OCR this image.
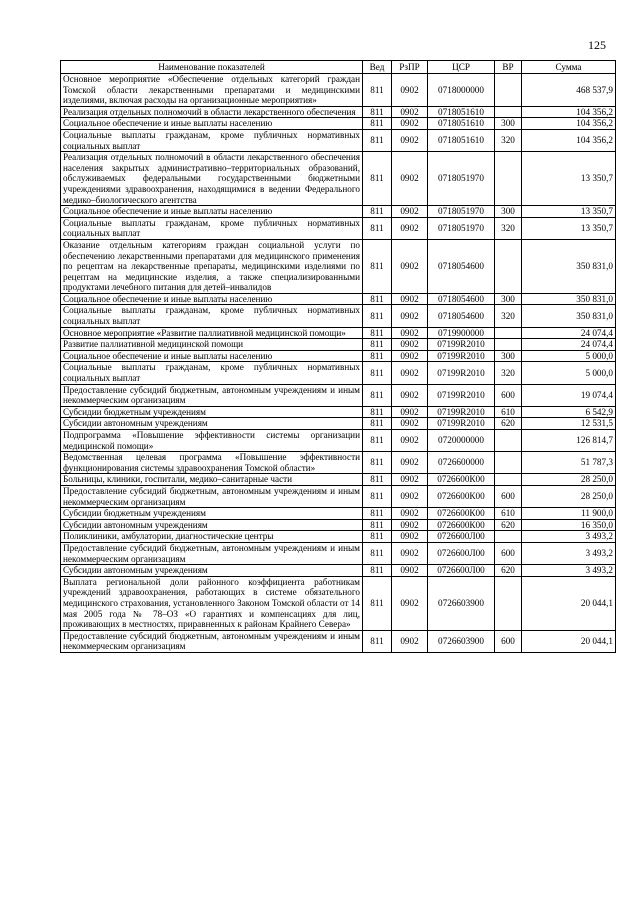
125
Наименование показателей	Вед	РзПР	ЦСР	ВР	Сумма
Основное мероприятие «Обеспечение отдельных категорий граждан Томской области лекарственными препаратами и медицинскими изделиями, включая расходы на организационные мероприятия»	811	0902	0718000000		468 537,9
Реализация отдельных полномочий в области лекарственного обеспечения	811	0902	0718051610		104 356,2
Социальное обеспечение и иные выплаты населению	811	0902	0718051610	300	104 356,2
Социальные выплаты гражданам, кроме публичных нормативных социальных выплат	811	0902	0718051610	320	104 356,2
Реализация отдельных полномочий в области лекарственного обеспечения населения закрытых административно–территориальных образований, обслуживаемых федеральными государственными бюджетными учреждениями здравоохранения, находящимися в ведении Федерального медико–биологического агентства	811	0902	0718051970		13 350,7
Социальное обеспечение и иные выплаты населению	811	0902	0718051970	300	13 350,7
Социальные выплаты гражданам, кроме публичных нормативных социальных выплат	811	0902	0718051970	320	13 350,7
Оказание отдельным категориям граждан социальной услуги по обеспечению лекарственными препаратами для медицинского применения по рецептам на лекарственные препараты, медицинскими изделиями по рецептам на медицинские изделия, а также специализированными продуктами лечебного питания для детей–инвалидов	811	0902	0718054600		350 831,0
Социальное обеспечение и иные выплаты населению	811	0902	0718054600	300	350 831,0
Социальные выплаты гражданам, кроме публичных нормативных социальных выплат	811	0902	0718054600	320	350 831,0
Основное мероприятие «Развитие паллиативной медицинской помощи»	811	0902	0719900000		24 074,4
Развитие паллиативной медицинской помощи	811	0902	07199R2010		24 074,4
Социальное обеспечение и иные выплаты населению	811	0902	07199R2010	300	5 000,0
Социальные выплаты гражданам, кроме публичных нормативных социальных выплат	811	0902	07199R2010	320	5 000,0
Предоставление субсидий бюджетным, автономным учреждениям и иным некоммерческим организациям	811	0902	07199R2010	600	19 074,4
Субсидии бюджетным учреждениям	811	0902	07199R2010	610	6 542,9
Субсидии автономным учреждениям	811	0902	07199R2010	620	12 531,5
Подпрограмма «Повышение эффективности системы организации медицинской помощи»	811	0902	0720000000		126 814,7
Ведомственная целевая программа «Повышение эффективности функционирования системы здравоохранения Томской области»	811	0902	0726600000		51 787,3
Больницы, клиники, госпитали, медико–санитарные части	811	0902	0726600К00		28 250,0
Предоставление субсидий бюджетным, автономным учреждениям и иным некоммерческим организациям	811	0902	0726600К00	600	28 250,0
Субсидии бюджетным учреждениям	811	0902	0726600К00	610	11 900,0
Субсидии автономным учреждениям	811	0902	0726600К00	620	16 350,0
Поликлиники, амбулатории, диагностические центры	811	0902	0726600Л00		3 493,2
Предоставление субсидий бюджетным, автономным учреждениям и иным некоммерческим организациям	811	0902	0726600Л00	600	3 493,2
Субсидии автономным учреждениям	811	0902	0726600Л00	620	3 493,2
Выплата региональной доли районного коэффициента работникам учреждений здравоохранения, работающих в системе обязательного медицинского страхования, установленного Законом Томской области от 14 мая 2005 года № 78–ОЗ «О гарантиях и компенсациях для лиц, проживающих в местностях, приравненных к районам Крайнего Севера»	811	0902	0726603900		20 044,1
Предоставление субсидий бюджетным, автономным учреждениям и иным некоммерческим организациям	811	0902	0726603900	600	20 044,1
